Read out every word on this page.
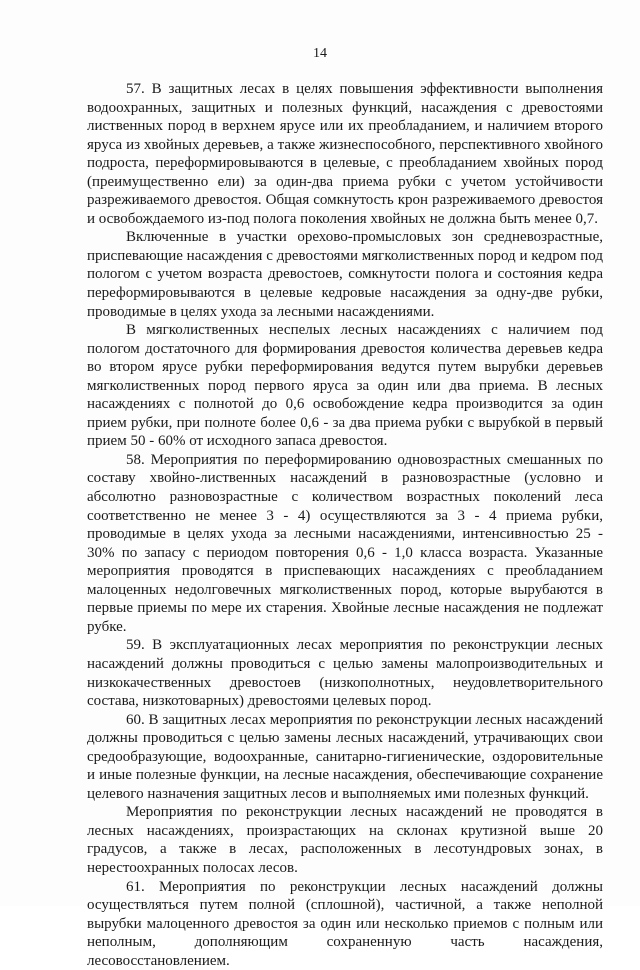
14

57. В защитных лесах в целях повышения эффективности выполнения водоохранных, защитных и полезных функций, насаждения с древостоями лиственных пород в верхнем ярусе или их преобладанием, и наличием второго яруса из хвойных деревьев, а также жизнеспособного, перспективного хвойного подроста, переформировываются в целевые, с преобладанием хвойных пород (преимущественно ели) за один-два приема рубки с учетом устойчивости разреживаемого древостоя. Общая сомкнутость крон разреживаемого древостоя и освобождаемого из-под полога поколения хвойных не должна быть менее 0,7.

Включенные в участки орехово-промысловых зон средневозрастные, приспевающие насаждения с древостоями мягколиственных пород и кедром под пологом с учетом возраста древостоев, сомкнутости полога и состояния кедра переформировываются в целевые кедровые насаждения за одну-две рубки, проводимые в целях ухода за лесными насаждениями.

В мягколиственных неспелых лесных насаждениях с наличием под пологом достаточного для формирования древостоя количества деревьев кедра во втором ярусе рубки переформирования ведутся путем вырубки деревьев мягколиственных пород первого яруса за один или два приема. В лесных насаждениях с полнотой до 0,6 освобождение кедра производится за один прием рубки, при полноте более 0,6 - за два приема рубки с вырубкой в первый прием 50 - 60% от исходного запаса древостоя.

58. Мероприятия по переформированию одновозрастных смешанных по составу хвойно-лиственных насаждений в разновозрастные (условно и абсолютно разновозрастные с количеством возрастных поколений леса соответственно не менее 3 - 4) осуществляются за 3 - 4 приема рубки, проводимые в целях ухода за лесными насаждениями, интенсивностью 25 - 30% по запасу с периодом повторения 0,6 - 1,0 класса возраста. Указанные мероприятия проводятся в приспевающих насаждениях с преобладанием малоценных недолговечных мягколиственных пород, которые вырубаются в первые приемы по мере их старения. Хвойные лесные насаждения не подлежат рубке.

59. В эксплуатационных лесах мероприятия по реконструкции лесных насаждений должны проводиться с целью замены малопроизводительных и низкокачественных древостоев (низкополнотных, неудовлетворительного состава, низкотоварных) древостоями целевых пород.

60. В защитных лесах мероприятия по реконструкции лесных насаждений должны проводиться с целью замены лесных насаждений, утрачивающих свои средообразующие, водоохранные, санитарно-гигиенические, оздоровительные и иные полезные функции, на лесные насаждения, обеспечивающие сохранение целевого назначения защитных лесов и выполняемых ими полезных функций.

Мероприятия по реконструкции лесных насаждений не проводятся в лесных насаждениях, произрастающих на склонах крутизной выше 20 градусов, а также в лесах, расположенных в лесотундровых зонах, в нерестоохранных полосах лесов.

61. Мероприятия по реконструкции лесных насаждений должны осуществляться путем полной (сплошной), частичной, а также неполной вырубки малоценного древостоя за один или несколько приемов с полным или неполным, дополняющим сохраненную часть насаждения, лесовосстановлением.
